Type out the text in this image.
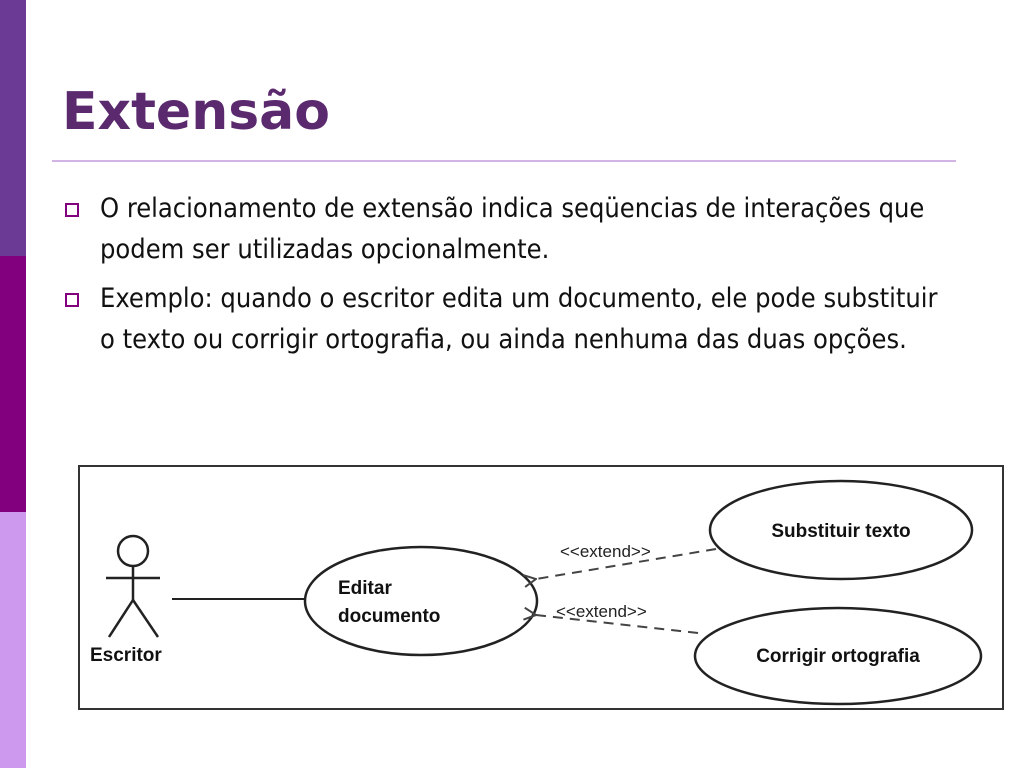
Extensão
O relacionamento de extensão indica seqüencias de interações que podem ser utilizadas opcionalmente.
Exemplo: quando o escritor edita um documento, ele pode substituir o texto ou corrigir ortografia, ou ainda nenhuma das duas opções.
Escritor
Editar
documento
Substituir texto
Corrigir ortografia
<<extend>>
<<extend>>
